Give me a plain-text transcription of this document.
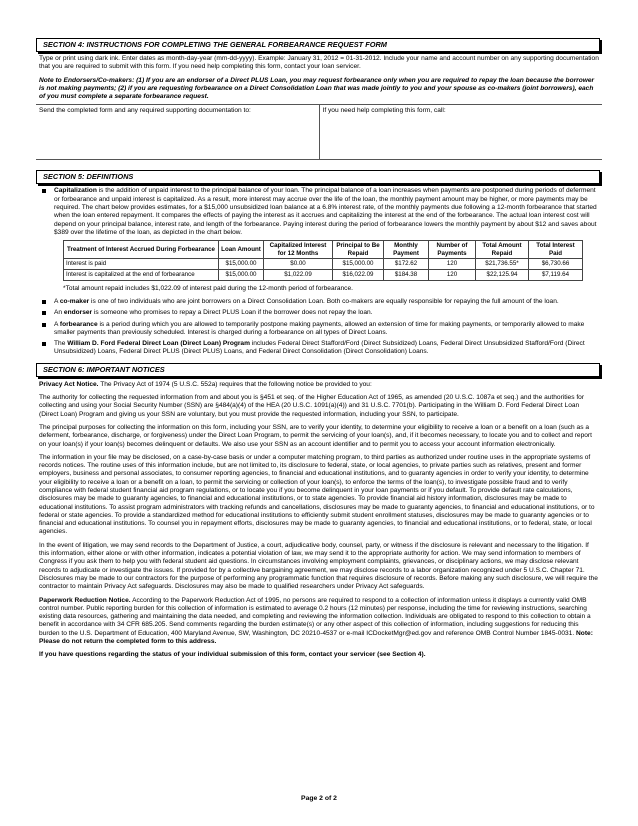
SECTION 4: INSTRUCTIONS FOR COMPLETING THE GENERAL FORBEARANCE REQUEST FORM

Type or print using dark ink. Enter dates as month-day-year (mm-dd-yyyy). Example: January 31, 2012 = 01-31-2012. Include your name and account number on any supporting documentation that you are required to submit with this form. If you need help completing this form, contact your loan servicer.

Note to Endorsers/Co-makers: (1) If you are an endorser of a Direct PLUS Loan, you may request forbearance only when you are required to repay the loan because the borrower is not making payments; (2) if you are requesting forbearance on a Direct Consolidation Loan that was made jointly to you and your spouse as co-makers (joint borrowers), each of you must complete a separate forbearance request.

Send the completed form and any required supporting documentation to:	If you need help completing this form, call:
SECTION 5: DEFINITIONS

Capitalization is the addition of unpaid interest to the principal balance of your loan. The principal balance of a loan increases when payments are postponed during periods of deferment or forbearance and unpaid interest is capitalized. As a result, more interest may accrue over the life of the loan, the monthly payment amount may be higher, or more payments may be required. The chart below provides estimates, for a $15,000 unsubsidized loan balance at a 6.8% interest rate, of the monthly payments due following a 12-month forbearance that started when the loan entered repayment. It compares the effects of paying the interest as it accrues and capitalizing the interest at the end of the forbearance. The actual loan interest cost will depend on your principal balance, interest rate, and length of the forbearance. Paying interest during the period of forbearance lowers the monthly payment by about $12 and saves about $389 over the lifetime of the loan, as depicted in the chart below.

Treatment of Interest Accrued During Forbearance	Loan Amount	Capitalized Interest for 12 Months	Principal to Be Repaid	Monthly Payment	Number of Payments	Total Amount Repaid	Total Interest Paid
Interest is paid	$15,000.00	$0.00	$15,000.00	$172.62	120	$21,736.55*	$6,730.66
Interest is capitalized at the end of forbearance	$15,000.00	$1,022.09	$16,022.09	$184.38	120	$22,125.94	$7,119.64

*Total amount repaid includes $1,022.09 of interest paid during the 12-month period of forbearance.

A co-maker is one of two individuals who are joint borrowers on a Direct Consolidation Loan. Both co-makers are equally responsible for repaying the full amount of the loan.

An endorser is someone who promises to repay a Direct PLUS Loan if the borrower does not repay the loan.

A forbearance is a period during which you are allowed to temporarily postpone making payments, allowed an extension of time for making payments, or temporarily allowed to make smaller payments than previously scheduled. Interest is charged during a forbearance on all types of Direct Loans.

The William D. Ford Federal Direct Loan (Direct Loan) Program includes Federal Direct Stafford/Ford (Direct Subsidized) Loans, Federal Direct Unsubsidized Stafford/Ford (Direct Unsubsidized) Loans, Federal Direct PLUS (Direct PLUS) Loans, and Federal Direct Consolidation (Direct Consolidation) Loans.

SECTION 6: IMPORTANT NOTICES

Privacy Act Notice. The Privacy Act of 1974 (5 U.S.C. 552a) requires that the following notice be provided to you:

The authority for collecting the requested information from and about you is §451 et seq. of the Higher Education Act of 1965, as amended (20 U.S.C. 1087a et seq.) and the authorities for collecting and using your Social Security Number (SSN) are §484(a)(4) of the HEA (20 U.S.C. 1091(a)(4)) and 31 U.S.C. 7701(b). Participating in the William D. Ford Federal Direct Loan (Direct Loan) Program and giving us your SSN are voluntary, but you must provide the requested information, including your SSN, to participate.

The principal purposes for collecting the information on this form, including your SSN, are to verify your identity, to determine your eligibility to receive a loan or a benefit on a loan (such as a deferment, forbearance, discharge, or forgiveness) under the Direct Loan Program, to permit the servicing of your loan(s), and, if it becomes necessary, to locate you and to collect and report on your loan(s) if your loan(s) becomes delinquent or defaults. We also use your SSN as an account identifier and to permit you to access your account information electronically.

The information in your file may be disclosed, on a case-by-case basis or under a computer matching program, to third parties as authorized under routine uses in the appropriate systems of records notices. The routine uses of this information include, but are not limited to, its disclosure to federal, state, or local agencies, to private parties such as relatives, present and former employers, business and personal associates, to consumer reporting agencies, to financial and educational institutions, and to guaranty agencies in order to verify your identity, to determine your eligibility to receive a loan or a benefit on a loan, to permit the servicing or collection of your loan(s), to enforce the terms of the loan(s), to investigate possible fraud and to verify compliance with federal student financial aid program regulations, or to locate you if you become delinquent in your loan payments or if you default. To provide default rate calculations, disclosures may be made to guaranty agencies, to financial and educational institutions, or to state agencies. To provide financial aid history information, disclosures may be made to educational institutions. To assist program administrators with tracking refunds and cancellations, disclosures may be made to guaranty agencies, to financial and educational institutions, or to federal or state agencies. To provide a standardized method for educational institutions to efficiently submit student enrollment statuses, disclosures may be made to guaranty agencies or to financial and educational institutions. To counsel you in repayment efforts, disclosures may be made to guaranty agencies, to financial and educational institutions, or to federal, state, or local agencies.

In the event of litigation, we may send records to the Department of Justice, a court, adjudicative body, counsel, party, or witness if the disclosure is relevant and necessary to the litigation. If this information, either alone or with other information, indicates a potential violation of law, we may send it to the appropriate authority for action. We may send information to members of Congress if you ask them to help you with federal student aid questions. In circumstances involving employment complaints, grievances, or disciplinary actions, we may disclose relevant records to adjudicate or investigate the issues. If provided for by a collective bargaining agreement, we may disclose records to a labor organization recognized under 5 U.S.C. Chapter 71. Disclosures may be made to our contractors for the purpose of performing any programmatic function that requires disclosure of records. Before making any such disclosure, we will require the contractor to maintain Privacy Act safeguards. Disclosures may also be made to qualified researchers under Privacy Act safeguards.

Paperwork Reduction Notice. According to the Paperwork Reduction Act of 1995, no persons are required to respond to a collection of information unless it displays a currently valid OMB control number. Public reporting burden for this collection of information is estimated to average 0.2 hours (12 minutes) per response, including the time for reviewing instructions, searching existing data resources, gathering and maintaining the data needed, and completing and reviewing the information collection. Individuals are obligated to respond to this collection to obtain a benefit in accordance with 34 CFR 685.205. Send comments regarding the burden estimate(s) or any other aspect of this collection of information, including suggestions for reducing this burden to the U.S. Department of Education, 400 Maryland Avenue, SW, Washington, DC 20210-4537 or e-mail ICDocketMgr@ed.gov and reference OMB Control Number 1845-0031. Note: Please do not return the completed form to this address.

If you have questions regarding the status of your individual submission of this form, contact your servicer (see Section 4).

Page 2 of 2
